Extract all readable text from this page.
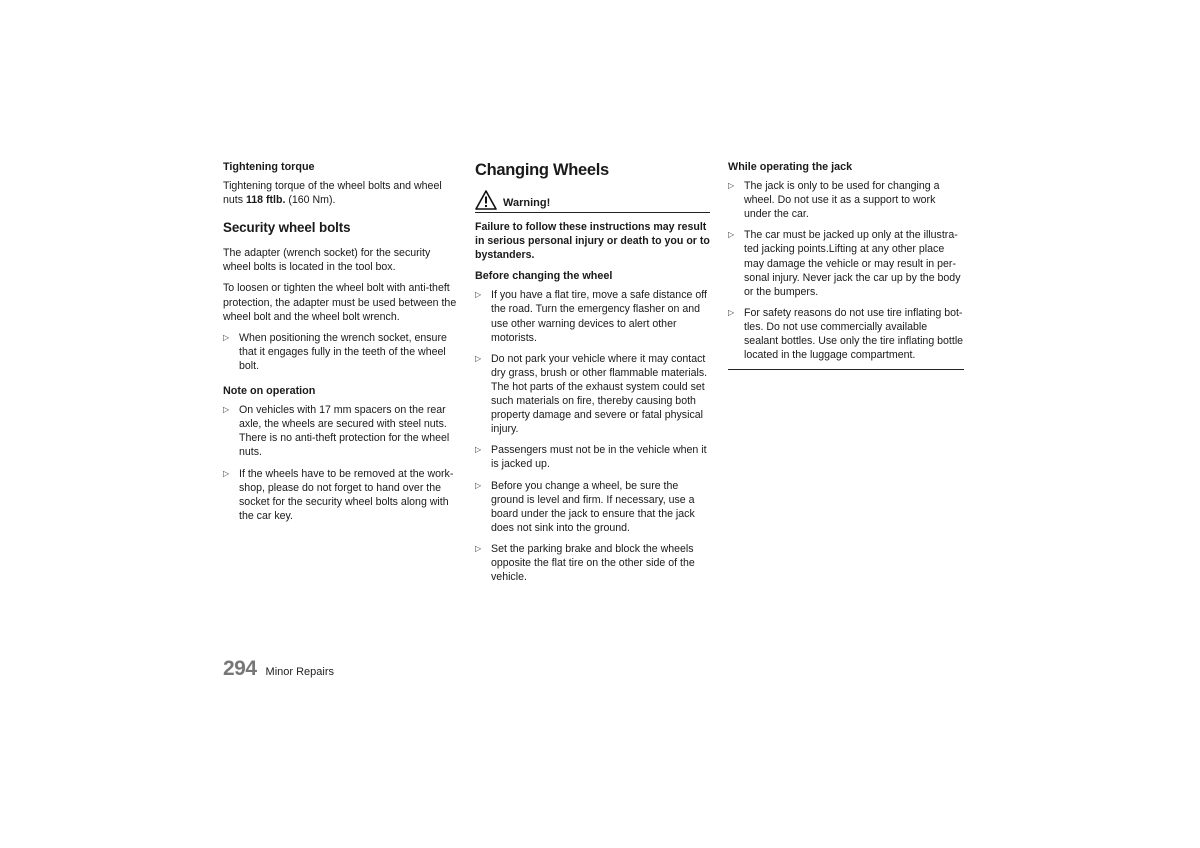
Tightening torque

Tightening torque of the wheel bolts and wheel nuts 118 ftlb. (160 Nm).

Security wheel bolts

The adapter (wrench socket) for the security wheel bolts is located in the tool box.

To loosen or tighten the wheel bolt with anti-theft protection, the adapter must be used between the wheel bolt and the wheel bolt wrench.

▷ When positioning the wrench socket, ensure that it engages fully in the teeth of the wheel bolt.
Note on operation
▷ On vehicles with 17 mm spacers on the rear axle, the wheels are secured with steel nuts. There is no anti-theft protection for the wheel nuts.
▷ If the wheels have to be removed at the work-shop, please do not forget to hand over the socket for the security wheel bolts along with the car key.
Changing Wheels
Warning!
Failure to follow these instructions may result in serious personal injury or death to you or to bystanders.
Before changing the wheel
▷ If you have a flat tire, move a safe distance off the road. Turn the emergency flasher on and use other warning devices to alert other motorists.
▷ Do not park your vehicle where it may contact dry grass, brush or other flammable materials. The hot parts of the exhaust system could set such materials on fire, thereby causing both property damage and severe or fatal physical injury.
▷ Passengers must not be in the vehicle when it is jacked up.
▷ Before you change a wheel, be sure the ground is level and firm. If necessary, use a board under the jack to ensure that the jack does not sink into the ground.
▷ Set the parking brake and block the wheels opposite the flat tire on the other side of the vehicle.
While operating the jack
▷ The jack is only to be used for changing a wheel. Do not use it as a support to work under the car.
▷ The car must be jacked up only at the illustra-ted jacking points.Lifting at any other place may damage the vehicle or may result in per-sonal injury. Never jack the car up by the body or the bumpers.
▷ For safety reasons do not use tire inflating bot-tles. Do not use commercially available sealant bottles. Use only the tire inflating bottle located in the luggage compartment.
294 Minor Repairs
